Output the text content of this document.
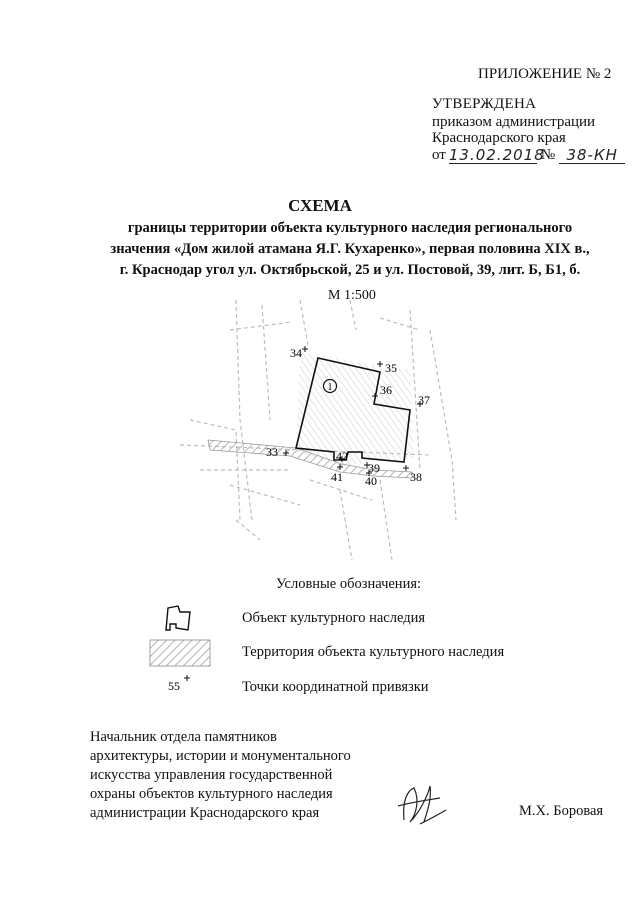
ПРИЛОЖЕНИЕ № 2
УТВЕРЖДЕНА
приказом администрации
Краснодарского края
от 13.02.2018
№ 38-КН
СХЕМА
границы территории объекта культурного наследия регионального
значения «Дом жилой атамана Я.Г. Кухаренко», первая половина XIX в.,
г. Краснодар угол ул. Октябрьской, 25 и ул. Постовой, 39, лит. Б, Б1, б.
М 1:500
1
34
35
36
37
33	42
41
39
40	38
55
Условные обозначения:
Объект культурного наследия
Территория объекта культурного наследия
Точки координатной привязки
Начальник отдела памятников
архитектуры, истории и монументального
искусства управления государственной
охраны объектов культурного наследия
администрации Краснодарского края	М.Х. Боровая
